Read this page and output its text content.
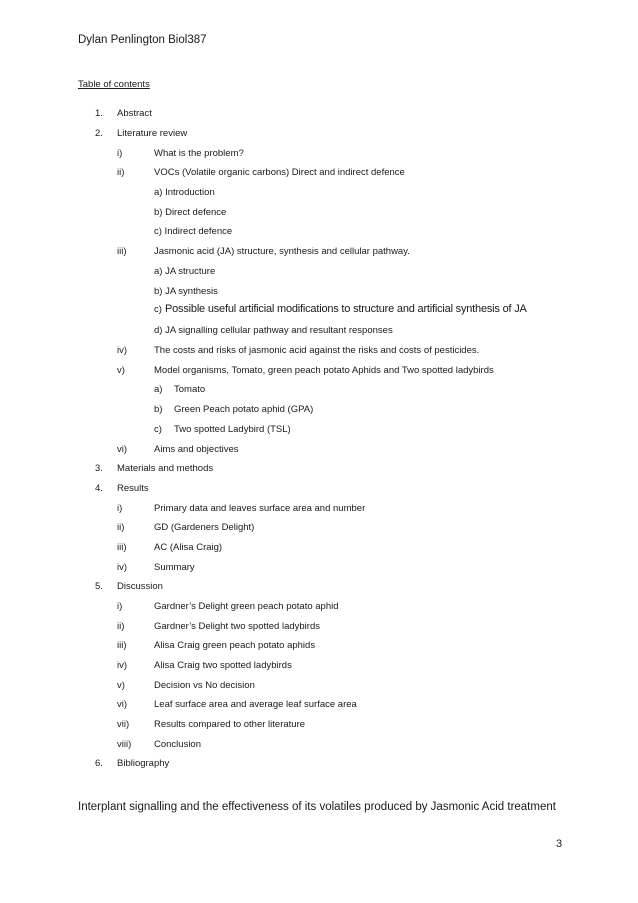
Dylan Penlington Biol387
Table of contents
1. Abstract
2. Literature review
i)	What is the problem?
ii)	VOCs (Volatile organic carbons) Direct and indirect defence
a) Introduction
b) Direct defence
c) Indirect defence
iii)	Jasmonic acid (JA) structure, synthesis and cellular pathway.
a) JA structure
b) JA synthesis
c) Possible useful artificial modifications to structure and artificial synthesis of JA
d) JA signalling cellular pathway and resultant responses
iv)	The costs and risks of jasmonic acid against the risks and costs of pesticides.
v)	Model organisms, Tomato, green peach potato Aphids and Two spotted ladybirds
a) Tomato
b) Green Peach potato aphid (GPA)
c) Two spotted Ladybird (TSL)
vi)	Aims and objectives
3. Materials and methods
4. Results
i)	Primary data and leaves surface area and number
ii)	GD (Gardeners Delight)
iii)	AC (Alisa Craig)
iv)	Summary
5. Discussion
i)	Gardner’s Delight green peach potato aphid
ii)	Gardner’s Delight two spotted ladybirds
iii)	Alisa Craig green peach potato aphids
iv)	Alisa Craig two spotted ladybirds
v)	Decision vs No decision
vi)	Leaf surface area and average leaf surface area
vii)	Results compared to other literature
viii) Conclusion
6. Bibliography
Interplant signalling and the effectiveness of its volatiles produced by Jasmonic Acid treatment
3
